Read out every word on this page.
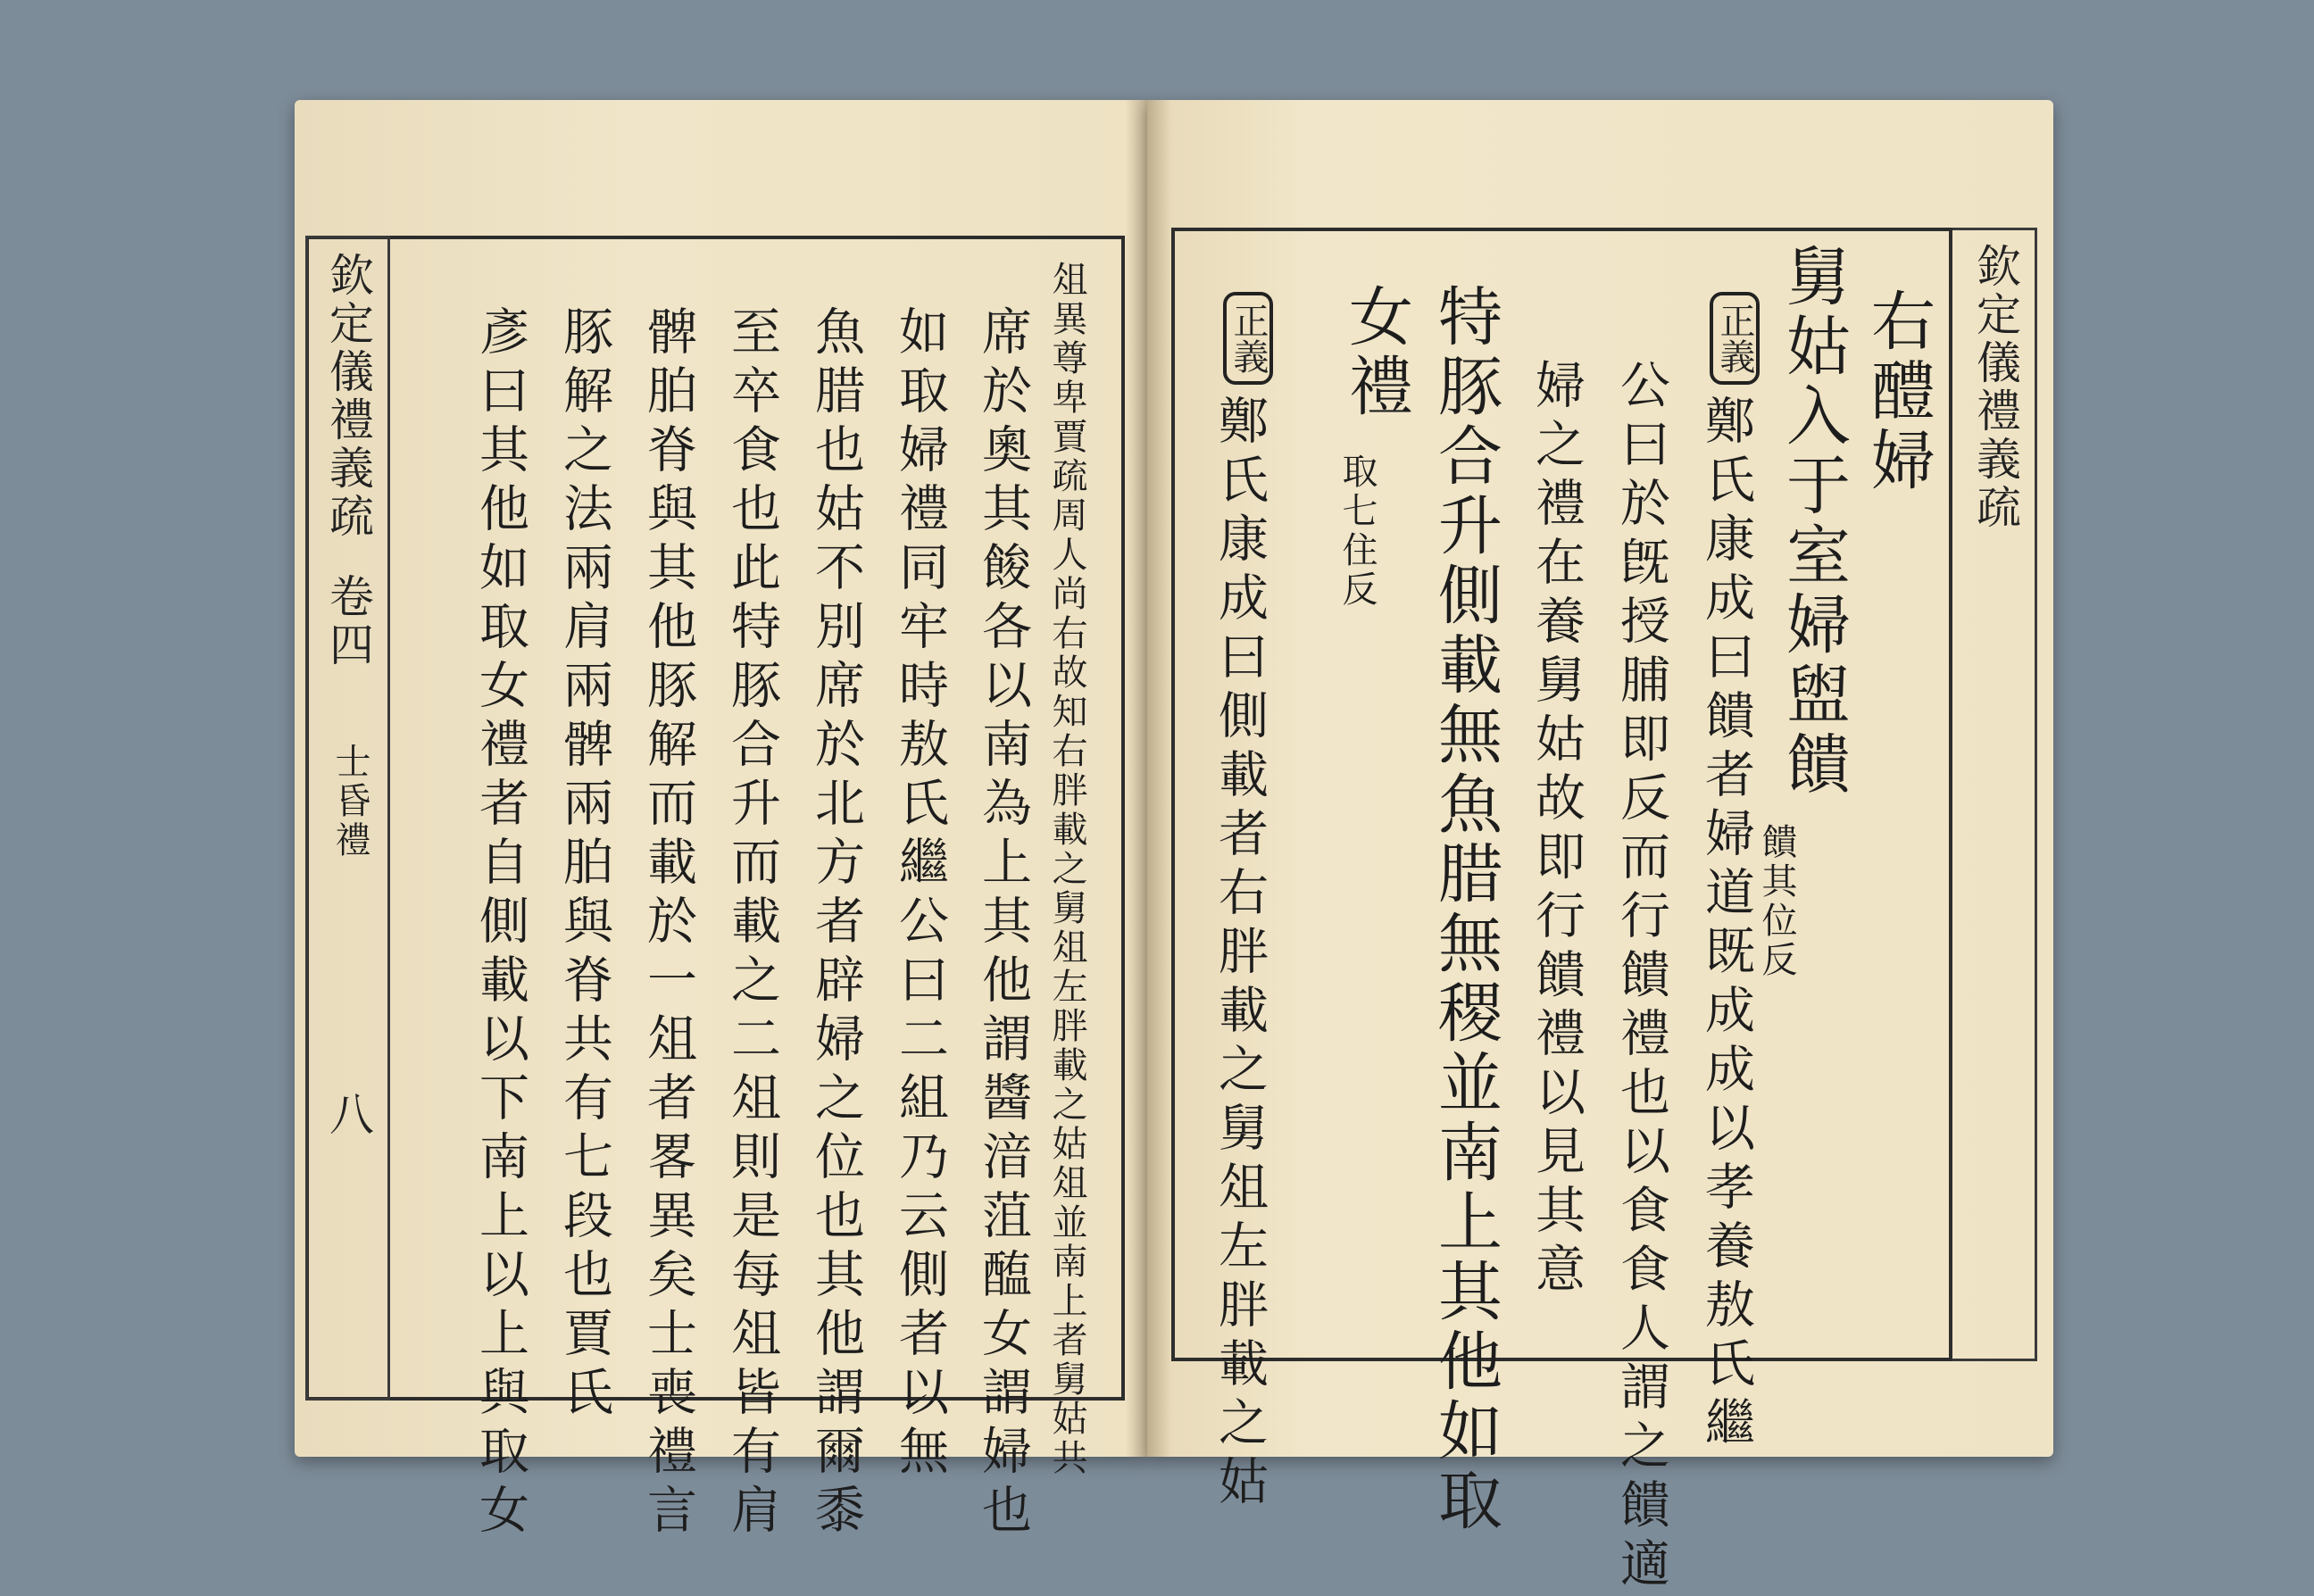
欽定儀禮義疏
卷四
士昏禮
八	俎異尊卑賈疏周人尚右故知右胖載之舅俎左胖載之姑俎並南上者舅姑共
席於奧其餕各以南為上其他謂醬湆菹醢女謂婦也
如取婦禮同牢時敖氏繼公曰二組乃云側者以無
魚腊也姑不別席於北方者辟婦之位也其他謂爾黍
至卒食也此特豚合升而載之二俎則是每俎皆有肩
髀胉脊與其他豚解而載於一俎者畧異矣士喪禮言
豚解之法兩肩兩髀兩胉與脊共有七段也賈氏
彥曰其他如取女禮者自側載以下南上以上與取女	欽定儀禮義疏
右醴婦
舅姑入于室婦盥饋
饋其位反
正義
鄭氏康成曰饋者婦道既成成以孝養敖氏繼
公曰於旣授脯即反而行饋禮也以食食人謂之饋適
婦之禮在養舅姑故即行饋禮以見其意
特豚合升側載無魚腊無稷並南上其他如取
女禮
取七住反
正義
鄭氏康成曰側載者右胖載之舅俎左胖載之姑
